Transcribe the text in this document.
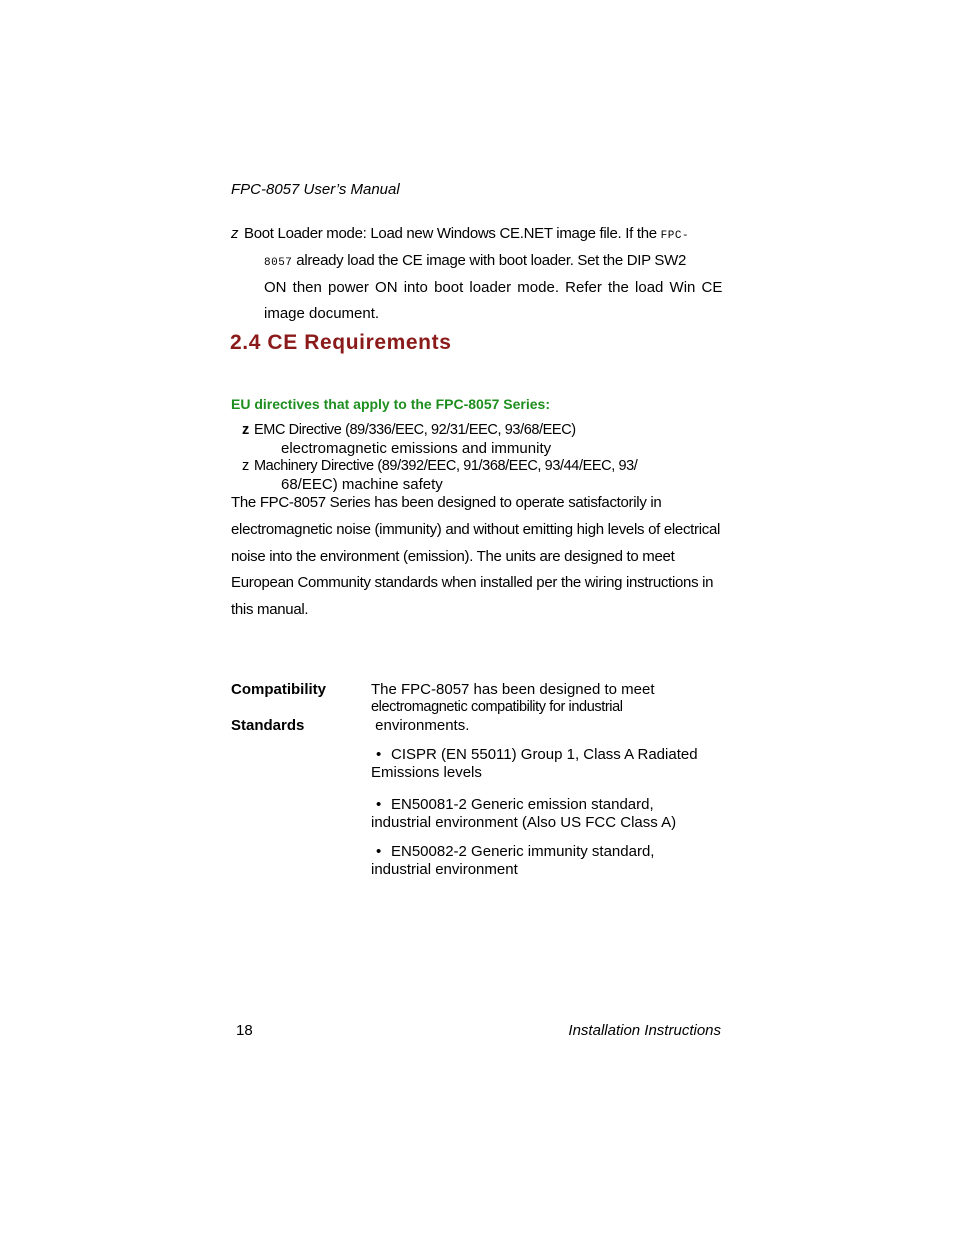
FPC-8057 User’s Manual
z Boot Loader mode: Load new Windows CE.NET image file. If the FPC-
8057 already load the CE image with boot loader. Set the DIP SW2
ON then power ON into boot loader mode. Refer the load Win CE
image document.
2.4 CE Requirements
EU directives that apply to the FPC-8057 Series:
z EMC Directive (89/336/EEC, 92/31/EEC, 93/68/EEC)
electromagnetic emissions and immunity
z Machinery Directive (89/392/EEC, 91/368/EEC, 93/44/EEC, 93/
68/EEC) machine safety
The FPC-8057 Series has been designed to operate satisfactorily in
electromagnetic noise (immunity) and without emitting high levels of electrical
noise into the environment (emission). The units are designed to meet
European Community standards when installed per the wiring instructions in
this manual.
Compatibility
Standards
The FPC-8057 has been designed to meet
electromagnetic compatibility for industrial
environments.
• CISPR (EN 55011) Group 1, Class A Radiated
Emissions levels
• EN50081-2 Generic emission standard,
industrial environment (Also US FCC Class A)
• EN50082-2 Generic immunity standard,
industrial environment
18	Installation Instructions
